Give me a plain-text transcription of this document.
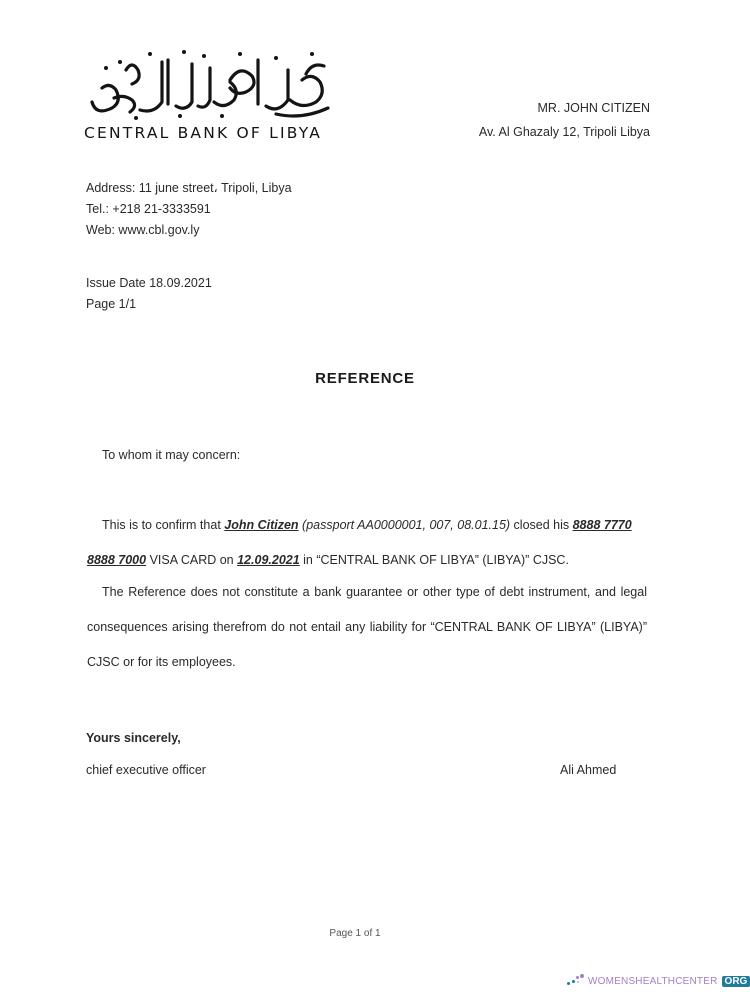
CENTRAL BANK OF LIBYA
MR. JOHN CITIZEN
Av. Al Ghazaly 12, Tripoli Libya
Address: 11 june street، Tripoli, Libya
Tel.: +218 21-3333591
Web: www.cbl.gov.ly
Issue Date 18.09.2021
Page 1/1
REFERENCE
To whom it may concern:
This is to confirm that John Citizen (passport AA0000001, 007, 08.01.15) closed his 8888 7770 8888 7000 VISA CARD on 12.09.2021 in “CENTRAL BANK OF LIBYA” (LIBYA)” CJSC.
The Reference does not constitute a bank guarantee or other type of debt instrument, and legal consequences arising therefrom do not entail any liability for “CENTRAL BANK OF LIBYA” (LIBYA)” CJSC or for its employees.
Yours sincerely,
chief executive officer	Ali Ahmed
Page 1 of 1
WOMENSHEALTHCENTER ORG
